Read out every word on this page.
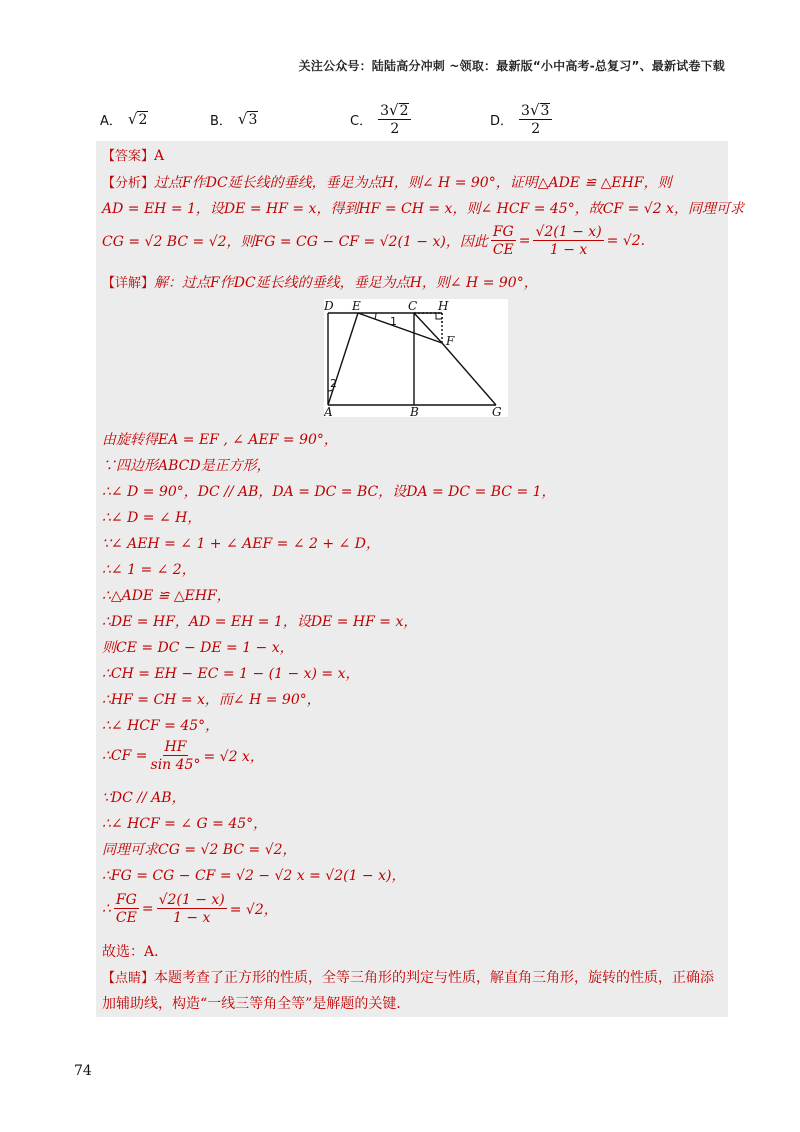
关注公众号：陆陆高分冲刺 ~领取：最新版“小中高考-总复习”、最新试卷下载
A． √ 2	B． √ 3	C． $\frac{3 √ 2}{2}$	D． $\frac{3 √ 3}{2}$
【答案】A
【分析】过点F作DC延长线的垂线，垂足为点H，则∠ H = 90°，证明△ADE ≌ △EHF，则
AD = EH = 1，设DE = HF = x，得到HF = CH = x，则∠ HCF = 45°，故CF = √2 x，同理可求
CG = √2 BC = √2，则FG = CG − CF = √2(1 − x)，因此 $\frac{FG}{CE} = \frac{√2(1 - x)}{1 - x} = √2$.
【详解】解：过点F作DC延长线的垂线，垂足为点H，则∠ H = 90°，
D E	C H
F
A	B	G
1
2
由旋转得EA = EF , ∠ AEF = 90°，
∵四边形ABCD是正方形，
∴∠ D = 90°，DC // AB，DA = DC = BC，设DA = DC = BC = 1，
∴∠ D = ∠ H，
∵∠ AEH = ∠ 1 + ∠ AEF = ∠ 2 + ∠ D，
∴∠ 1 = ∠ 2，
∴△ADE ≌ △EHF，
∴DE = HF，AD = EH = 1，设DE = HF = x，
则CE = DC − DE = 1 − x，
∴CH = EH − EC = 1 − (1 − x) = x，
∴HF = CH = x，而∠ H = 90°，
∴∠ HCF = 45°，
∴CF = $\frac{HF}{\sin 45^\circ} = √2$ x，
∵DC // AB，
∴∠ HCF = ∠ G = 45°，
同理可求CG = √2 BC = √2，
∴FG = CG − CF = √2 − √2 x = √2(1 − x)，
∴ $\frac{FG}{CE} = \frac{√2(1 - x)}{1 - x} = √2$，
故选：A．
【点睛】本题考查了正方形的性质，全等三角形的判定与性质，解直角三角形，旋转的性质，正确添
加辅助线，构造“一线三等角全等”是解题的关键．
74
